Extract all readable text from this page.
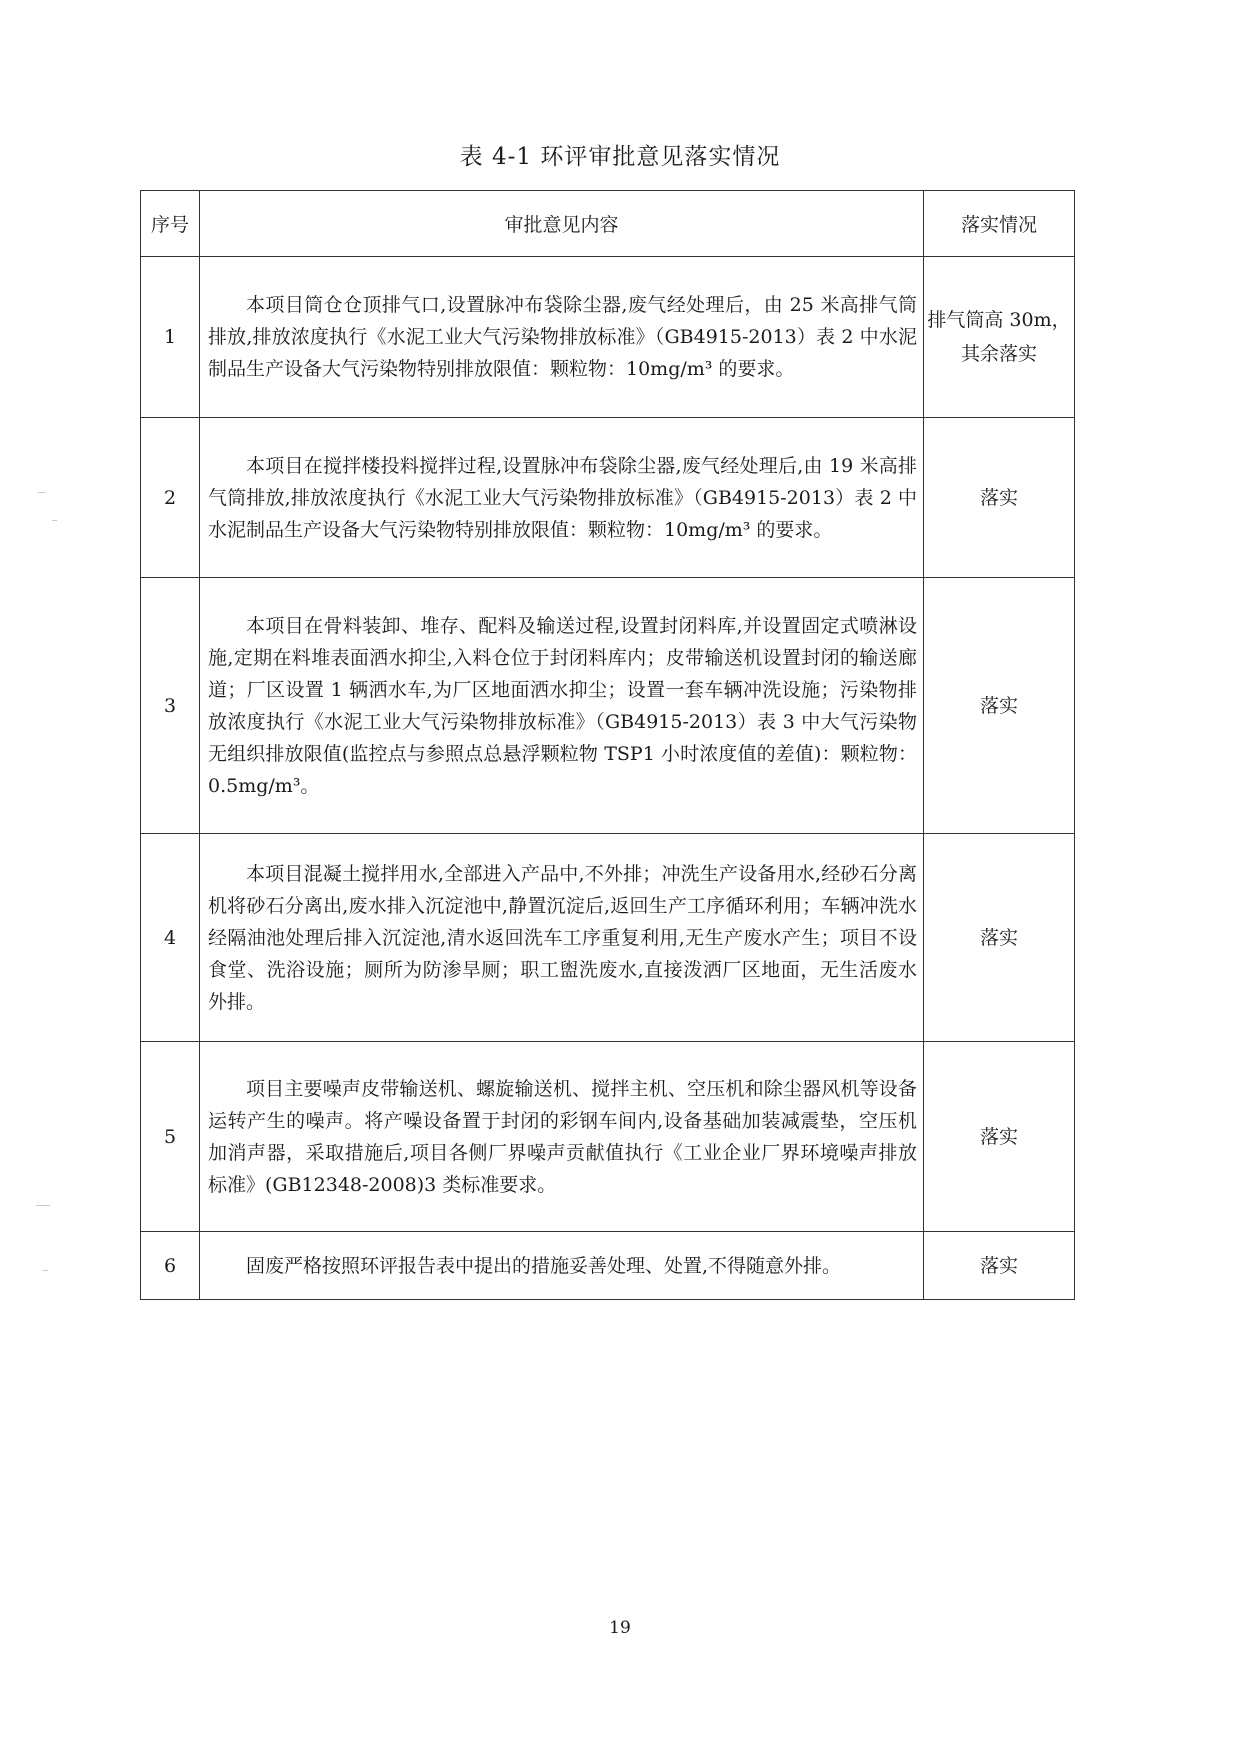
表 4-1 环评审批意见落实情况
序号	审批意见内容	落实情况
1	本项目筒仓仓顶排气口,设置脉冲布袋除尘器,废气经处理后，由 25 米高排气筒排放,排放浓度执行《水泥工业大气污染物排放标准》（GB4915-2013）表 2 中水泥制品生产设备大气污染物特别排放限值：颗粒物：10mg/m³ 的要求。	排气筒高 30m，
其余落实

2	本项目在搅拌楼投料搅拌过程,设置脉冲布袋除尘器,废气经处理后,由 19 米高排气筒排放,排放浓度执行《水泥工业大气污染物排放标准》（GB4915-2013）表 2 中水泥制品生产设备大气污染物特别排放限值：颗粒物：10mg/m³ 的要求。	落实
3	本项目在骨料装卸、堆存、配料及输送过程,设置封闭料库,并设置固定式喷淋设施,定期在料堆表面洒水抑尘,入料仓位于封闭料库内；皮带输送机设置封闭的输送廊道；厂区设置 1 辆洒水车,为厂区地面洒水抑尘；设置一套车辆冲洗设施；污染物排放浓度执行《水泥工业大气污染物排放标准》（GB4915-2013）表 3 中大气污染物无组织排放限值(监控点与参照点总悬浮颗粒物 TSP1 小时浓度值的差值)：颗粒物：0.5mg/m³。	落实
4	本项目混凝土搅拌用水,全部进入产品中,不外排；冲洗生产设备用水,经砂石分离机将砂石分离出,废水排入沉淀池中,静置沉淀后,返回生产工序循环利用；车辆冲洗水经隔油池处理后排入沉淀池,清水返回洗车工序重复利用,无生产废水产生；项目不设食堂、洗浴设施；厕所为防渗旱厕；职工盥洗废水,直接泼洒厂区地面，无生活废水外排。	落实
5	项目主要噪声皮带输送机、螺旋输送机、搅拌主机、空压机和除尘器风机等设备运转产生的噪声。将产噪设备置于封闭的彩钢车间内,设备基础加装减震垫，空压机加消声器，采取措施后,项目各侧厂界噪声贡献值执行《工业企业厂界环境噪声排放标准》(GB12348-2008)3 类标准要求。	落实
6	固废严格按照环评报告表中提出的措施妥善处理、处置,不得随意外排。	落实
19
